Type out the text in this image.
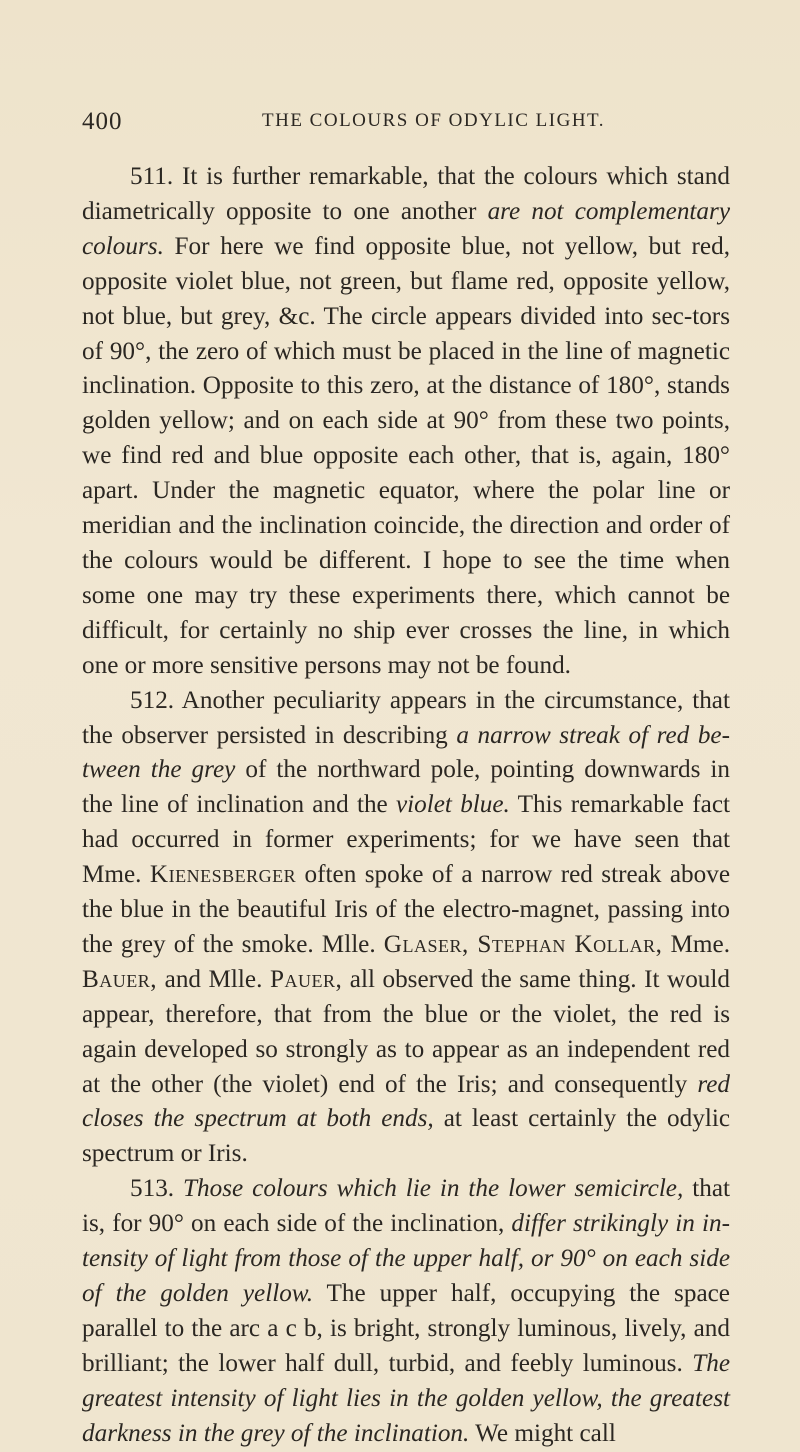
400	THE COLOURS OF ODYLIC LIGHT.

511. It is further remarkable, that the colours which stand diametrically opposite to one another are not complementary colours. For here we find opposite blue, not yellow, but red, opposite violet blue, not green, but flame red, opposite yellow, not blue, but grey, &c. The circle appears divided into sec-tors of 90°, the zero of which must be placed in the line of magnetic inclination. Opposite to this zero, at the distance of 180°, stands golden yellow; and on each side at 90° from these two points, we find red and blue opposite each other, that is, again, 180° apart. Under the magnetic equator, where the polar line or meridian and the inclination coincide, the direction and order of the colours would be different. I hope to see the time when some one may try these experiments there, which cannot be difficult, for certainly no ship ever crosses the line, in which one or more sensitive persons may not be found.

512. Another peculiarity appears in the circumstance, that the observer persisted in describing a narrow streak of red be-tween the grey of the northward pole, pointing downwards in the line of inclination and the violet blue. This remarkable fact had occurred in former experiments; for we have seen that Mme. Kienesberger often spoke of a narrow red streak above the blue in the beautiful Iris of the electro-magnet, passing into the grey of the smoke. Mlle. Glaser, Stephan Kollar, Mme. Bauer, and Mlle. Pauer, all observed the same thing. It would appear, therefore, that from the blue or the violet, the red is again developed so strongly as to appear as an independent red at the other (the violet) end of the Iris; and consequently red closes the spectrum at both ends, at least certainly the odylic spectrum or Iris.

513. Those colours which lie in the lower semicircle, that is, for 90° on each side of the inclination, differ strikingly in in-tensity of light from those of the upper half, or 90° on each side of the golden yellow. The upper half, occupying the space parallel to the arc a c b, is bright, strongly luminous, lively, and brilliant; the lower half dull, turbid, and feebly luminous. The greatest intensity of light lies in the golden yellow, the greatest darkness in the grey of the inclination. We might call
